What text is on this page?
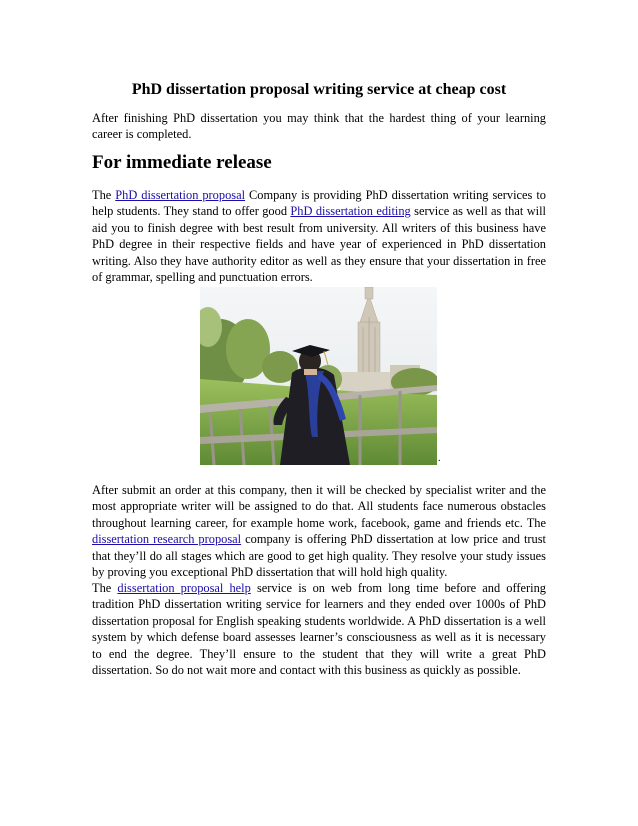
PhD dissertation proposal writing service at cheap cost

After finishing PhD dissertation you may think that the hardest thing of your learning career is completed.

For immediate release

The PhD dissertation proposal Company is providing PhD dissertation writing services to help students. They stand to offer good PhD dissertation editing service as well as that will aid you to finish degree with best result from university. All writers of this business have PhD degree in their respective fields and have year of experienced in PhD dissertation writing. Also they have authority editor as well as they ensure that your dissertation in free of grammar, spelling and punctuation errors.

.

After submit an order at this company, then it will be checked by specialist writer and the most appropriate writer will be assigned to do that. All students face numerous obstacles throughout learning career, for example home work, facebook, game and friends etc. The dissertation research proposal company is offering PhD dissertation at low price and trust that they’ll do all stages which are good to get high quality. They resolve your study issues by proving you exceptional PhD dissertation that will hold high quality.

The dissertation proposal help service is on web from long time before and offering tradition PhD dissertation writing service for learners and they ended over 1000s of PhD dissertation proposal for English speaking students worldwide. A PhD dissertation is a well system by which defense board assesses learner’s consciousness as well as it is necessary to end the degree. They’ll ensure to the student that they will write a great PhD dissertation. So do not wait more and contact with this business as quickly as possible.
